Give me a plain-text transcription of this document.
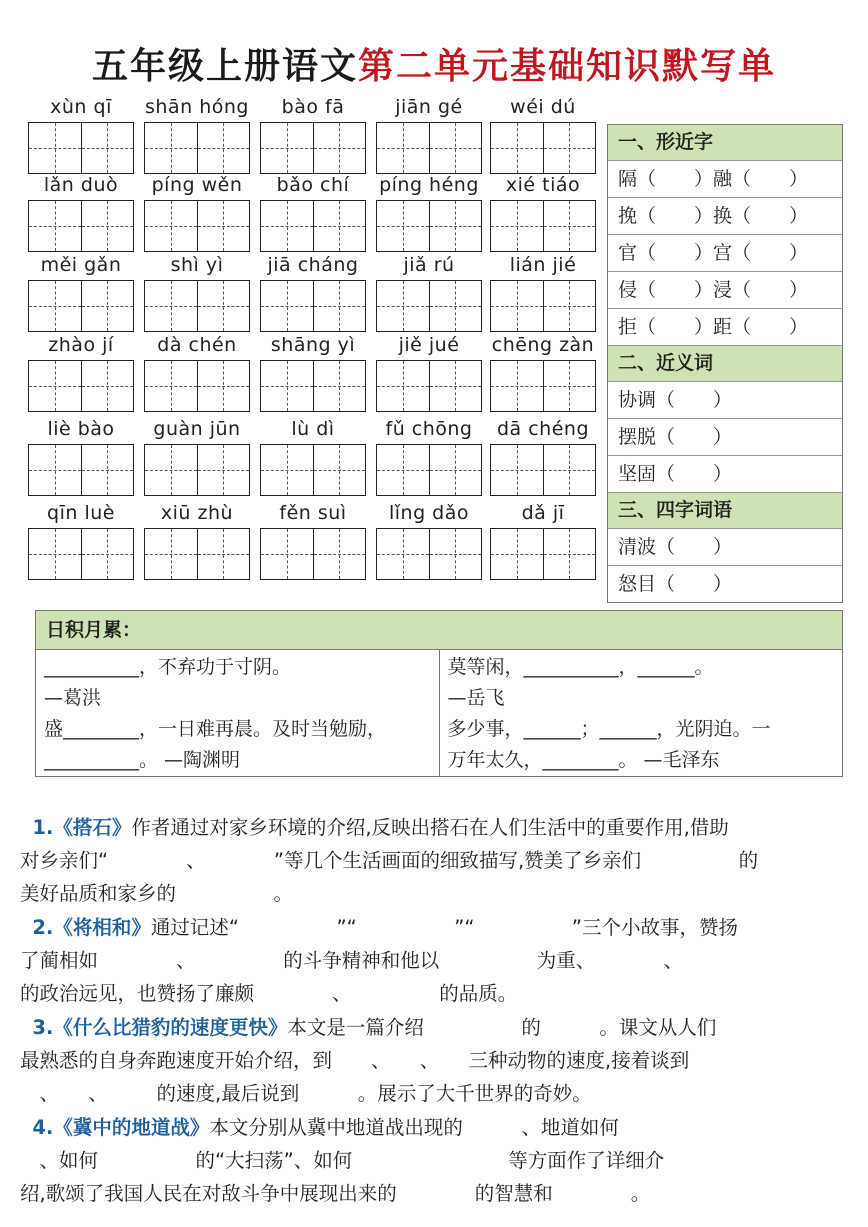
五年级上册语文第二单元基础知识默写单
xùn qī	shān hóng	bào fā	jiān gé	wéi dú
lǎn duò	píng wěn	bǎo chí	píng héng	xié tiáo
měi gǎn	shì yì	jiā cháng	jiǎ rú	lián jié
zhào jí	dà chén	shāng yì	jiě jué	chēng zàn
liè bào	guàn jūn	lù dì	fǔ chōng	dā chéng
qīn luè	xiū zhù	fěn suì	lǐng dǎo	dǎ jī
一、形近字
隔（　　）融（　　）
挽（　　）换（　　）
官（　　）宫（　　）
侵（　　）浸（　　）
拒（　　）距（　　）
二、近义词
协调（　　）
摆脱（　　）
坚固（　　）
三、四字词语
清波（　　）
怒目（　　）
日积月累：
__________，不弃功于寸阴。
—葛洪
盛________，一日难再晨。及时当勉励，
__________。 —陶渊明
莫等闲，__________，______。
—岳飞
多少事，______；______，光阴迫。一
万年太久，________。 —毛泽东

1.《搭石》作者通过对家乡环境的介绍,反映出搭石在人们生活中的重要作用,借助
对乡亲们“　　　　、　　　　”等几个生活画面的细致描写,赞美了乡亲们　　　　　的
美好品质和家乡的　　　　　。

2.《将相和》通过记述“　　　　　”“　　　　　”“　　　　　”三个小故事，赞扬
了蔺相如　　　　、　　　　　的斗争精神和他以　　　　　为重、　　　　、
的政治远见，也赞扬了廉颇　　　　、　　　　　的品质。

3.《什么比猎豹的速度更快》本文是一篇介绍　　　　　的　　　。课文从人们
最熟悉的自身奔跑速度开始介绍，到　　、　　、　　三种动物的速度,接着谈到
　、　　、　　　的速度,最后说到　　　。展示了大千世界的奇妙。

4.《冀中的地道战》本文分别从冀中地道战出现的　　　、地道如何
　、如何　　　　　的“大扫荡”、如何　　　　　　　　等方面作了详细介
绍,歌颂了我国人民在对敌斗争中展现出来的　　　　的智慧和　　　　。
